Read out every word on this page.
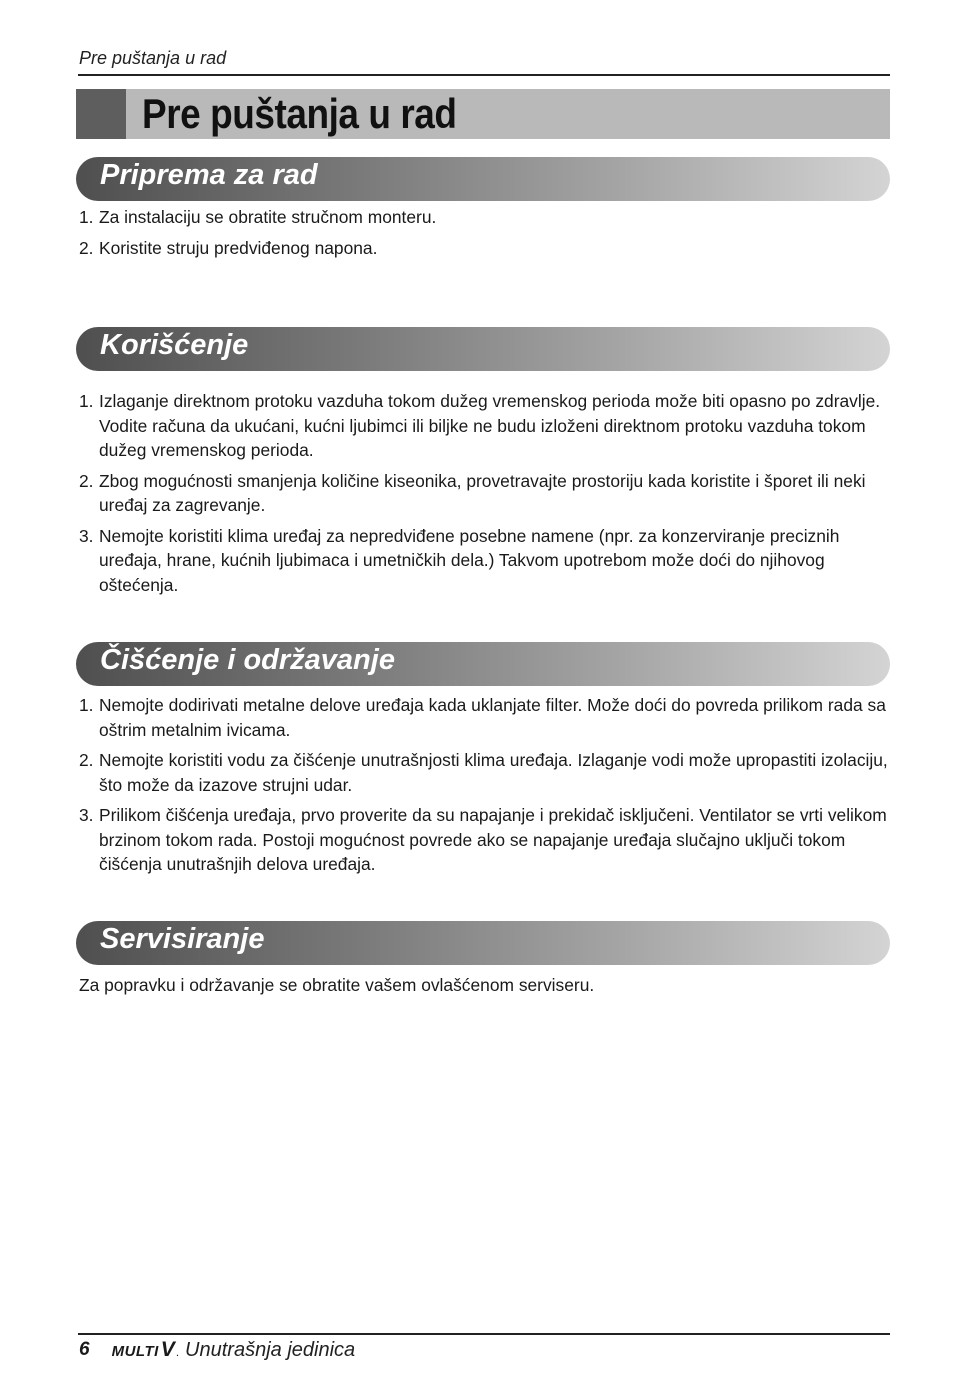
Pre puštanja u rad
Pre puštanja u rad
Priprema za rad
1. Za instalaciju se obratite stručnom monteru.
2. Koristite struju predviđenog napona.
Korišćenje
1. Izlaganje direktnom protoku vazduha tokom dužeg vremenskog perioda može biti opasno po zdravlje. Vodite računa da ukućani, kućni ljubimci ili biljke ne budu izloženi direktnom protoku vazduha tokom dužeg vremenskog perioda.
2. Zbog mogućnosti smanjenja količine kiseonika, provetravajte prostoriju kada koristite i šporet ili neki uređaj za zagrevanje.
3. Nemojte koristiti klima uređaj za nepredviđene posebne namene (npr. za konzerviranje preciznih uređaja, hrane, kućnih ljubimaca i umetničkih dela.) Takvom upotrebom može doći do njihovog oštećenja.
Čišćenje i održavanje
1. Nemojte dodirivati metalne delove uređaja kada uklanjate filter. Može doći do povreda prilikom rada sa oštrim metalnim ivicama.
2. Nemojte koristiti vodu za čišćenje unutrašnjosti klima uređaja. Izlaganje vodi može upropastiti izolaciju, što može da izazove strujni udar.
3. Prilikom čišćenja uređaja, prvo proverite da su napajanje i prekidač isključeni. Ventilator se vrti velikom brzinom tokom rada. Postoji mogućnost povrede ako se napajanje uređaja slučajno uključi tokom čišćenja unutrašnjih delova uređaja.
Servisiranje
Za popravku i održavanje se obratite vašem ovlašćenom serviseru.
6 MULTI V . Unutrašnja jedinica
